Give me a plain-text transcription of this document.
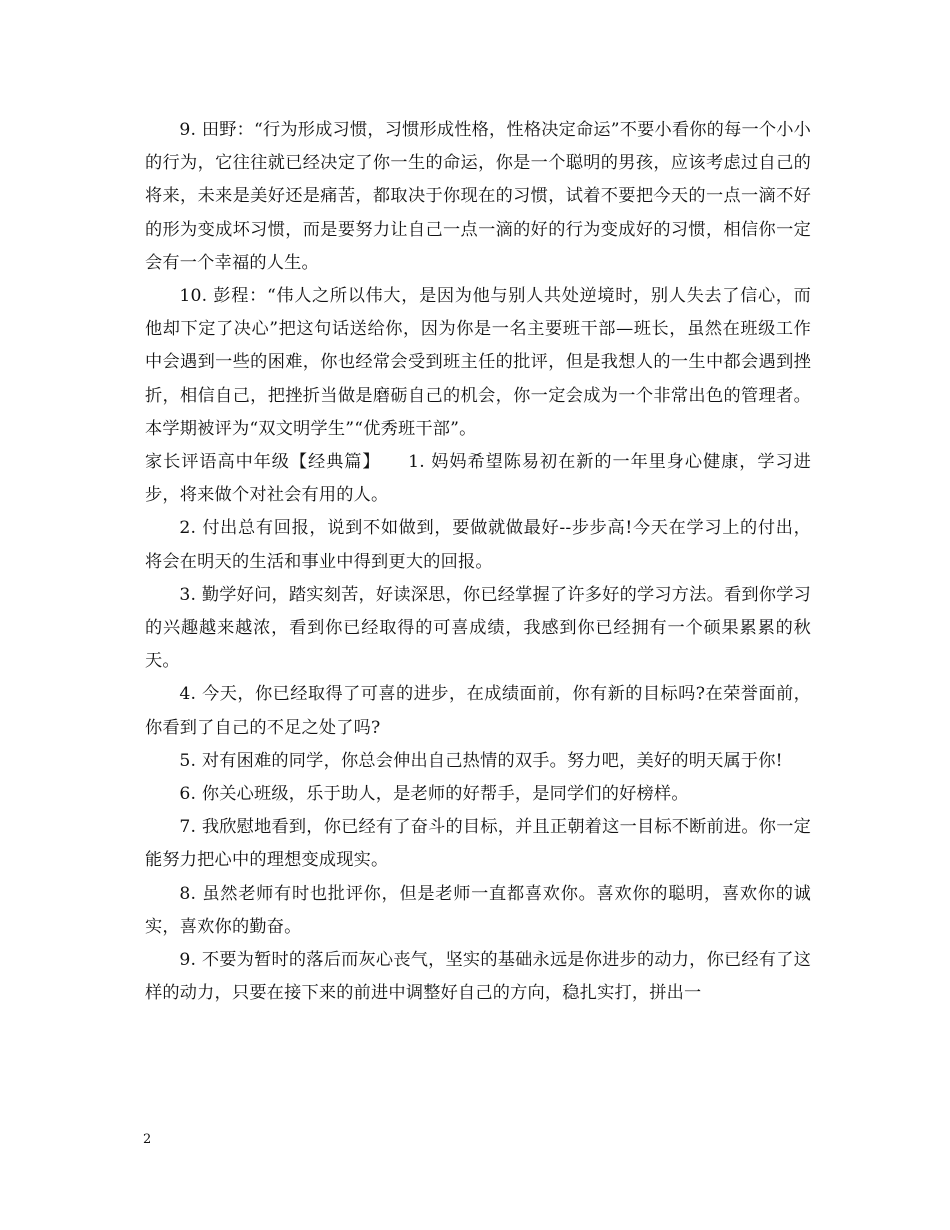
9. 田野：“行为形成习惯，习惯形成性格，性格决定命运”不要小看你的每一个小小的行为，它往往就已经决定了你一生的命运，你是一个聪明的男孩，应该考虑过自己的将来，未来是美好还是痛苦，都取决于你现在的习惯，试着不要把今天的一点一滴不好的形为变成坏习惯，而是要努力让自己一点一滴的好的行为变成好的习惯，相信你一定会有一个幸福的人生。

10. 彭程：“伟人之所以伟大，是因为他与别人共处逆境时，别人失去了信心，而他却下定了决心”把这句话送给你，因为你是一名主要班干部—班长，虽然在班级工作中会遇到一些的困难，你也经常会受到班主任的批评，但是我想人的一生中都会遇到挫折，相信自己，把挫折当做是磨砺自己的机会，你一定会成为一个非常出色的管理者。本学期被评为“双文明学生”“优秀班干部”。

家长评语高中年级【经典篇】　　1. 妈妈希望陈易初在新的一年里身心健康，学习进步，将来做个对社会有用的人。

2. 付出总有回报，说到不如做到，要做就做最好--步步高!今天在学习上的付出，将会在明天的生活和事业中得到更大的回报。

3. 勤学好问，踏实刻苦，好读深思，你已经掌握了许多好的学习方法。看到你学习的兴趣越来越浓，看到你已经取得的可喜成绩，我感到你已经拥有一个硕果累累的秋天。

4. 今天，你已经取得了可喜的进步，在成绩面前，你有新的目标吗?在荣誉面前，你看到了自己的不足之处了吗?

5. 对有困难的同学，你总会伸出自己热情的双手。努力吧，美好的明天属于你!

6. 你关心班级，乐于助人，是老师的好帮手，是同学们的好榜样。

7. 我欣慰地看到，你已经有了奋斗的目标，并且正朝着这一目标不断前进。你一定能努力把心中的理想变成现实。

8. 虽然老师有时也批评你，但是老师一直都喜欢你。喜欢你的聪明，喜欢你的诚实，喜欢你的勤奋。

9. 不要为暂时的落后而灰心丧气，坚实的基础永远是你进步的动力，你已经有了这样的动力，只要在接下来的前进中调整好自己的方向，稳扎实打，拼出一

2
